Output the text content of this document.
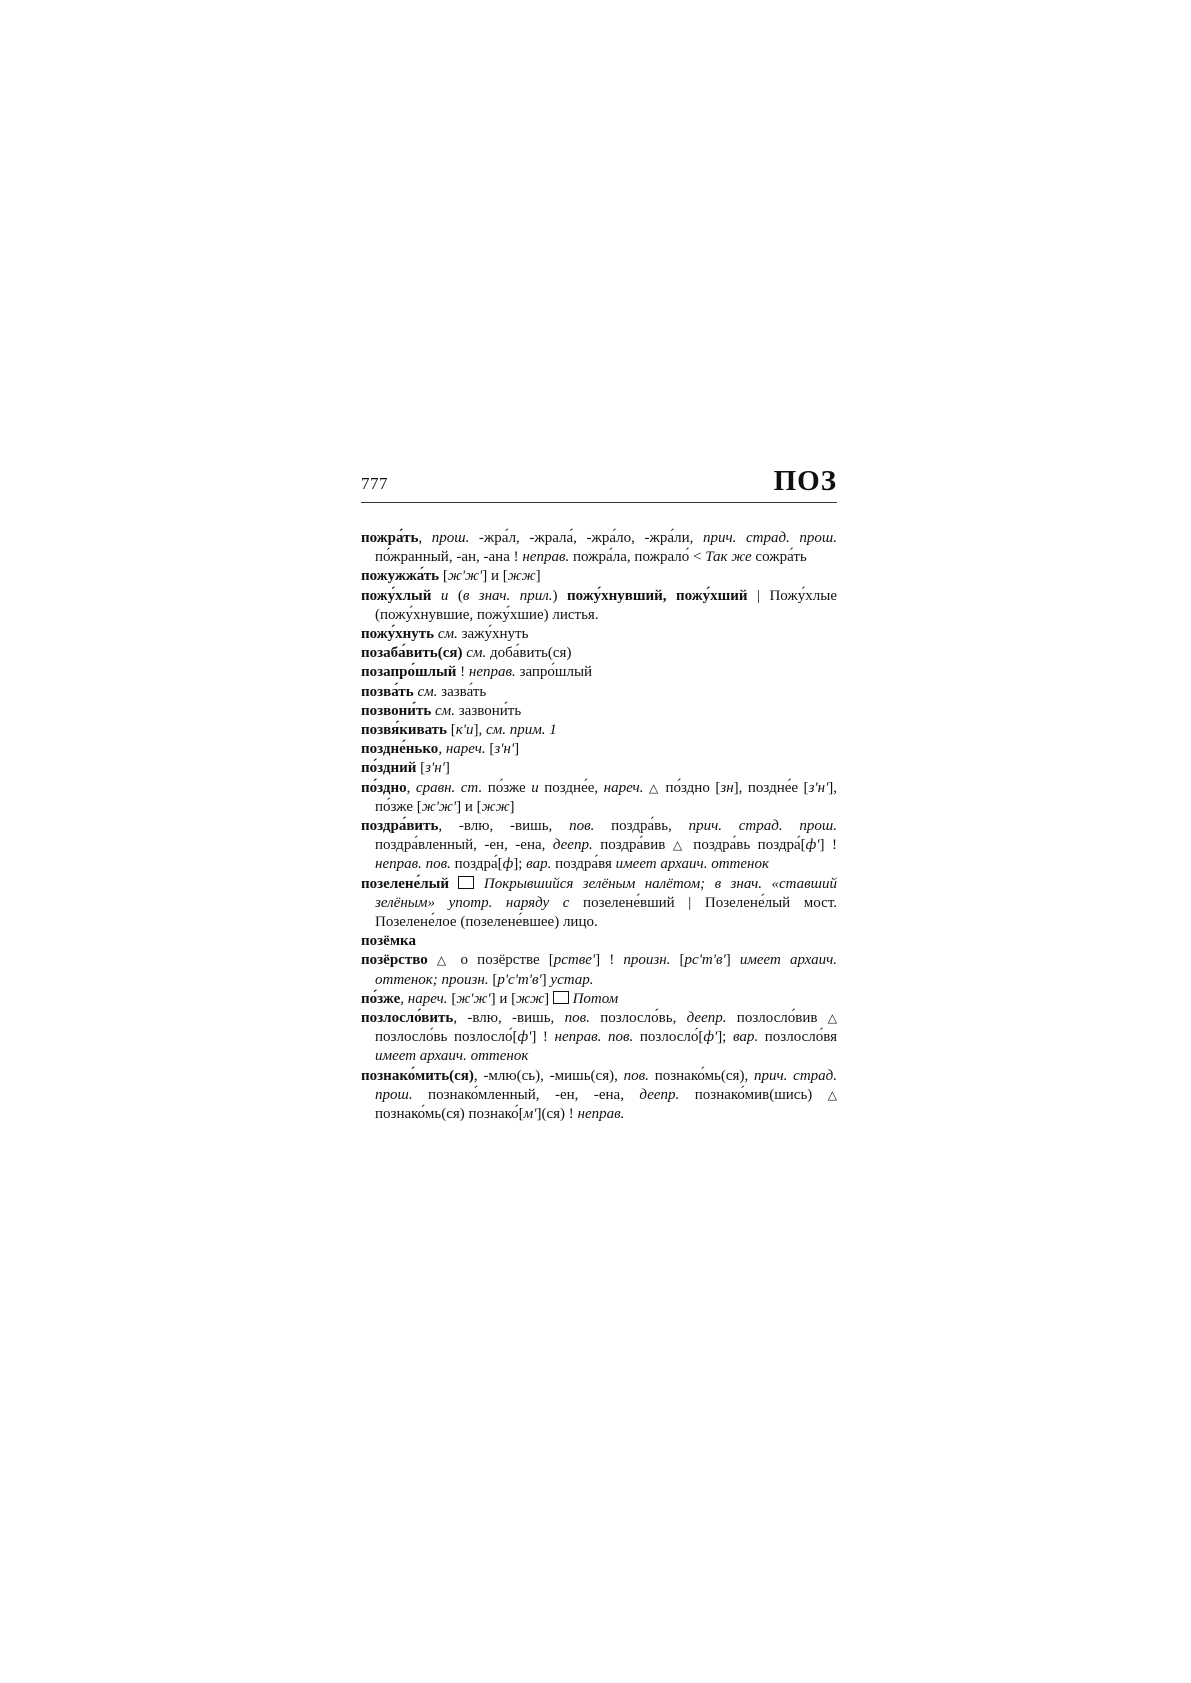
777	ПОЗ

пожра́ть, прош. -жра́л, -жрала́, -жра́ло, -жра́ли, прич. страд. прош. по́жранный, -ан, -ана ! неправ. пожра́ла, пожрало́ < Так же сожра́ть

пожужжа́ть [ж'ж'] и [жж]

пожу́хлый и (в знач. прил.) пожу́хнувший, пожу́хший | Пожу́хлые (пожу́хнувшие, пожу́хшие) листья.

пожу́хнуть см. зажу́хнуть

позаба́вить(ся) см. доба́вить(ся)

позапро́шлый ! неправ. запро́шлый

позва́ть см. зазва́ть

позвони́ть см. зазвони́ть

позвя́кивать [к'и], см. прим. 1

поздне́нько, нареч. [з'н']

по́здний [з'н']

по́здно, сравн. ст. по́зже и поздне́е, нареч. △ по́здно [зн], поздне́е [з'н'], по́зже [ж'ж'] и [жж]

поздра́вить, -влю, -вишь, пов. поздра́вь, прич. страд. прош. поздра́вленный, -ен, -ена, деепр. поздра́вив △ поздра́вь поздра́[ф'] ! неправ. пов. поздра́[ф]; вар. поздра́вя имеет архаич. оттенок

позелене́лый Покрывшийся зелёным налётом; в знач. «ставший зелёным» употр. наряду с позелене́вший | Позелене́лый мост. Позелене́лое (позелене́вшее) лицо.

позёмка

позёрство △ о позёрстве [рстве'] ! произн. [рс'т'в'] имеет архаич. оттенок; произн. [р'с'т'в'] устар.

по́зже, нареч. [ж'ж'] и [жж]  Потом

позлосло́вить, -влю, -вишь, пов. позлосло́вь, деепр. позлосло́вив △ позлосло́вь позлосло́[ф'] ! неправ. пов. позлосло́[ф']; вар. позлосло́вя имеет архаич. оттенок

познако́мить(ся), -млю(сь), -мишь(ся), пов. познако́мь(ся), прич. страд. прош. познако́мленный, -ен, -ена, деепр. познако́мив(шись) △ познако́мь(ся) познако́[м'](ся) ! неправ.
